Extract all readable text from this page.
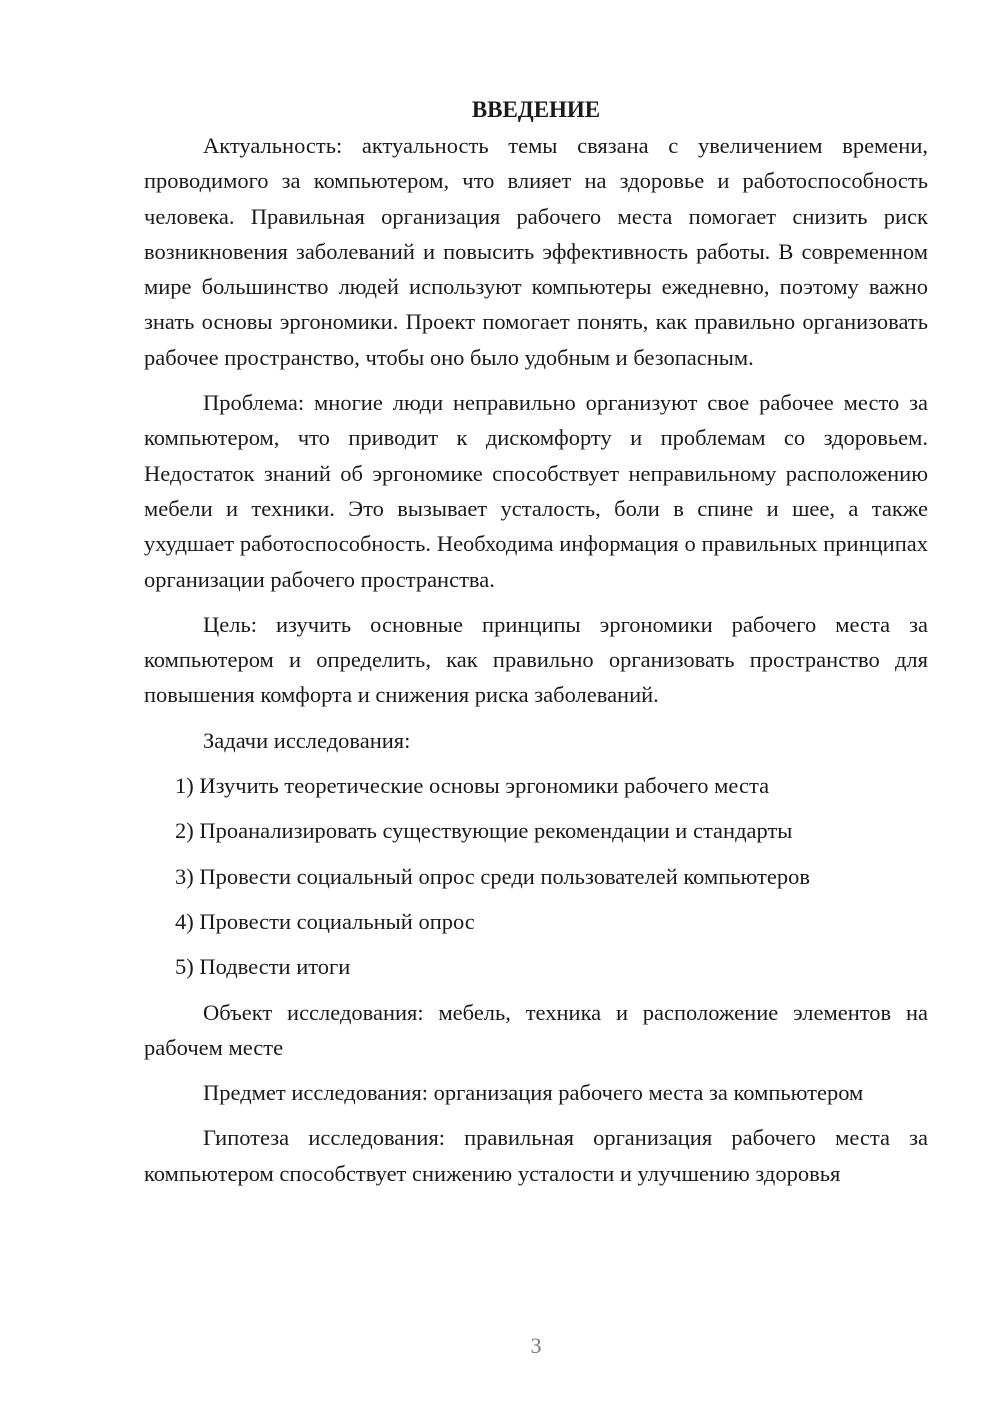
ВВЕДЕНИЕ

Актуальность: актуальность темы связана с увеличением времени, проводимого за компьютером, что влияет на здоровье и работоспособность человека. Правильная организация рабочего места помогает снизить риск возникновения заболеваний и повысить эффективность работы. В современном мире большинство людей используют компьютеры ежедневно, поэтому важно знать основы эргономики. Проект помогает понять, как правильно организовать рабочее пространство, чтобы оно было удобным и безопасным.

Проблема: многие люди неправильно организуют свое рабочее место за компьютером, что приводит к дискомфорту и проблемам со здоровьем. Недостаток знаний об эргономике способствует неправильному расположению мебели и техники. Это вызывает усталость, боли в спине и шее, а также ухудшает работоспособность. Необходима информация о правильных принципах организации рабочего пространства.

Цель: изучить основные принципы эргономики рабочего места за компьютером и определить, как правильно организовать пространство для повышения комфорта и снижения риска заболеваний.

Задачи исследования:

1) Изучить теоретические основы эргономики рабочего места
2) Проанализировать существующие рекомендации и стандарты
3) Провести социальный опрос среди пользователей компьютеров
4) Провести социальный опрос
5) Подвести итоги

Объект исследования: мебель, техника и расположение элементов на рабочем месте

Предмет исследования: организация рабочего места за компьютером

Гипотеза исследования: правильная организация рабочего места за компьютером способствует снижению усталости и улучшению здоровья

3
